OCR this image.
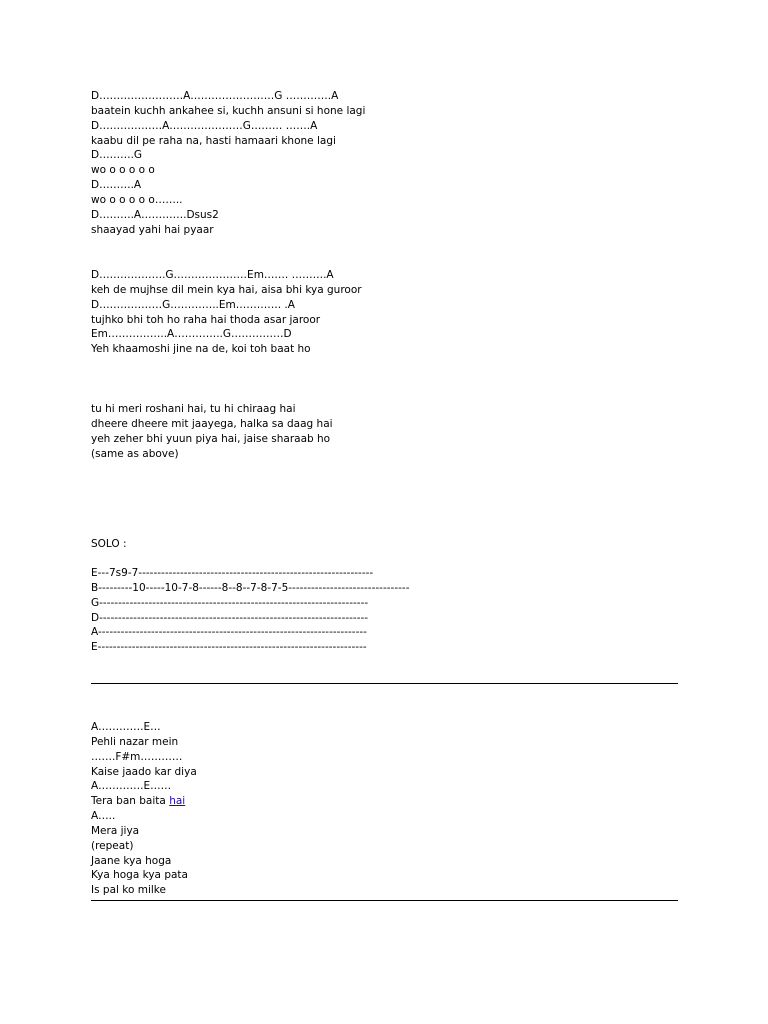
D……………………A……………………G ………….A
baatein kuchh ankahee si, kuchh ansuni si hone lagi
D………………A…………………G……… …….A
kaabu dil pe raha na, hasti hamaari khone lagi
D……….G
wo o o o o o
D……….A
wo o o o o o……..
D……….A………….Dsus2
shaayad yahi hai pyaar
D……………….G…………………Em……. ……….A
keh de mujhse dil mein kya hai, aisa bhi kya guroor
D………………G…………..Em…………. .A
tujhko bhi toh ho raha hai thoda asar jaroor
Em……………..A…………..G……………D
Yeh khaamoshi jine na de, koi toh baat ho
tu hi meri roshani hai, tu hi chiraag hai
dheere dheere mit jaayega, halka sa daag hai
yeh zeher bhi yuun piya hai, jaise sharaab ho
(same as above)
SOLO :
E---7s9-7--------------------------------------------------------------
B---------10-----10-7-8------8--8--7-8-7-5--------------------------------
G-----------------------------------------------------------------------
D-----------------------------------------------------------------------
A-----------------------------------------------------------------------
E-----------------------------------------------------------------------
A………….E…
Pehli nazar mein
…….F#m…………
Kaise jaado kar diya
A………….E……
Tera ban baita hai
A…..
Mera jiya
(repeat)
Jaane kya hoga
Kya hoga kya pata
Is pal ko milke
